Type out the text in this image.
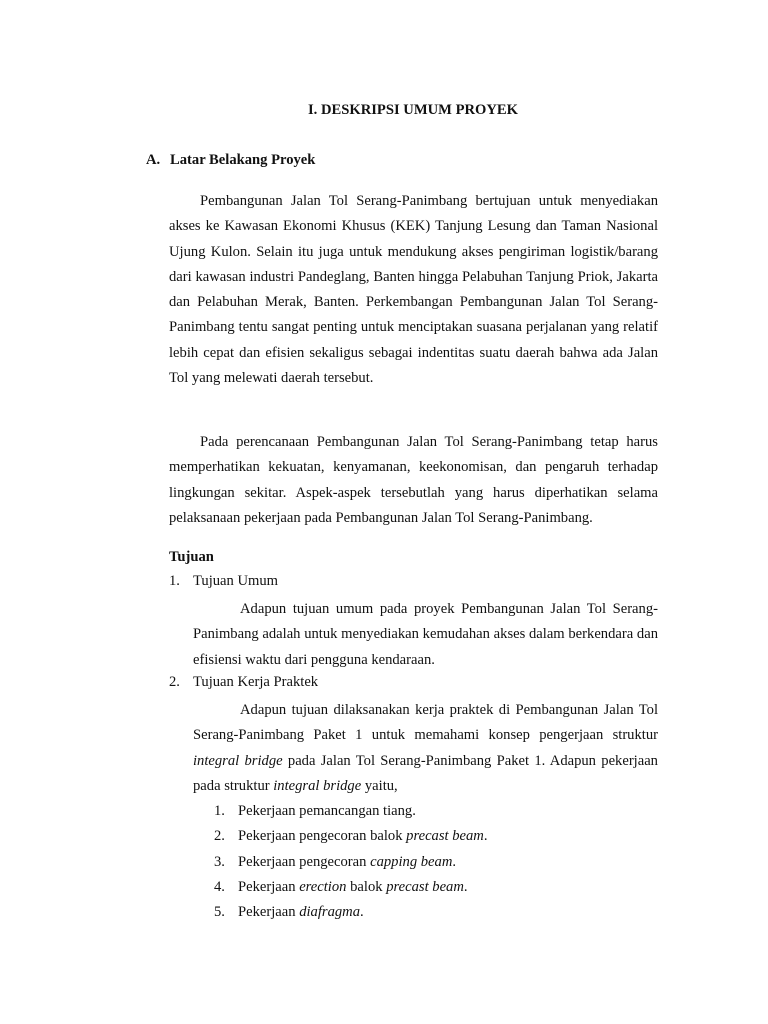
I. DESKRIPSI UMUM PROYEK
A. Latar Belakang Proyek
Pembangunan Jalan Tol Serang-Panimbang bertujuan untuk menyediakan akses ke Kawasan Ekonomi Khusus (KEK) Tanjung Lesung dan Taman Nasional Ujung Kulon. Selain itu juga untuk mendukung akses pengiriman logistik/barang dari kawasan industri Pandeglang, Banten hingga Pelabuhan Tanjung Priok, Jakarta dan Pelabuhan Merak, Banten. Perkembangan Pembangunan Jalan Tol Serang-Panimbang tentu sangat penting untuk menciptakan suasana perjalanan yang relatif lebih cepat dan efisien sekaligus sebagai indentitas suatu daerah bahwa ada Jalan Tol yang melewati daerah tersebut.
Pada perencanaan Pembangunan Jalan Tol Serang-Panimbang tetap harus memperhatikan kekuatan, kenyamanan, keekonomisan, dan pengaruh terhadap lingkungan sekitar. Aspek-aspek tersebutlah yang harus diperhatikan selama pelaksanaan pekerjaan pada Pembangunan Jalan Tol Serang-Panimbang.
Tujuan
1. Tujuan Umum
Adapun tujuan umum pada proyek Pembangunan Jalan Tol Serang-Panimbang adalah untuk menyediakan kemudahan akses dalam berkendara dan efisiensi waktu dari pengguna kendaraan.
2. Tujuan Kerja Praktek
Adapun tujuan dilaksanakan kerja praktek di Pembangunan Jalan Tol Serang-Panimbang Paket 1 untuk memahami konsep pengerjaan struktur integral bridge pada Jalan Tol Serang-Panimbang Paket 1. Adapun pekerjaan pada struktur integral bridge yaitu,
1. Pekerjaan pemancangan tiang.
2. Pekerjaan pengecoran balok precast beam.
3. Pekerjaan pengecoran capping beam.
4. Pekerjaan erection balok precast beam.
5. Pekerjaan diafragma.
